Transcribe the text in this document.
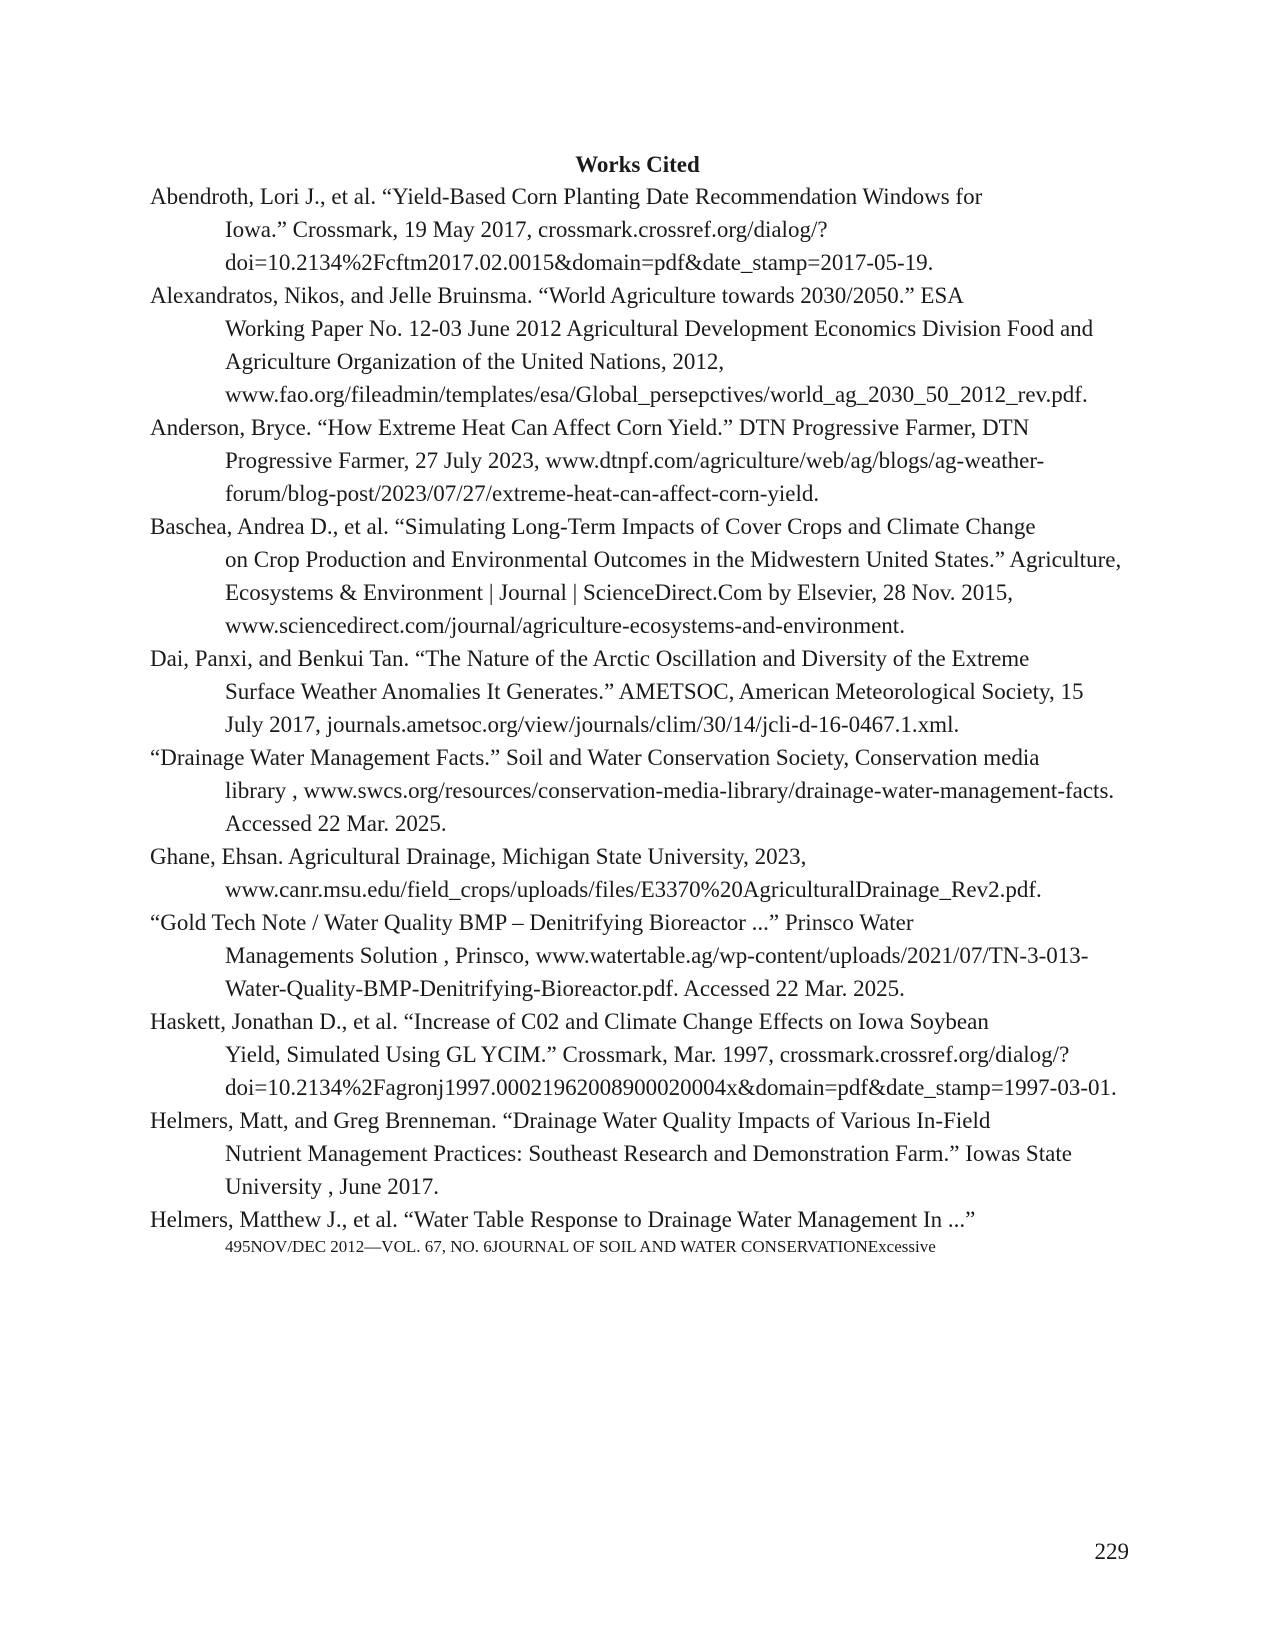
Works Cited

Abendroth, Lori J., et al. “Yield-Based Corn Planting Date Recommendation Windows for
Iowa.” Crossmark, 19 May 2017, crossmark.crossref.org/dialog/?doi=10.2134%2Fcftm2017.02.0015&domain=pdf&date_stamp=2017-05-19.

Alexandratos, Nikos, and Jelle Bruinsma. “World Agriculture towards 2030/2050.” ESA
Working Paper No. 12-03 June 2012 Agricultural Development Economics Division Food and Agriculture Organization of the United Nations, 2012, www.fao.org/fileadmin/templates/esa/Global_persepctives/world_ag_2030_50_2012_rev.pdf.

Anderson, Bryce. “How Extreme Heat Can Affect Corn Yield.” DTN Progressive Farmer, DTN
Progressive Farmer, 27 July 2023, www.dtnpf.com/agriculture/web/ag/blogs/ag-weather-forum/blog-post/2023/07/27/extreme-heat-can-affect-corn-yield.

Baschea, Andrea D., et al. “Simulating Long-Term Impacts of Cover Crops and Climate Change
on Crop Production and Environmental Outcomes in the Midwestern United States.” Agriculture, Ecosystems & Environment | Journal | ScienceDirect.Com by Elsevier, 28 Nov. 2015, www.sciencedirect.com/journal/agriculture-ecosystems-and-environment.

Dai, Panxi, and Benkui Tan. “The Nature of the Arctic Oscillation and Diversity of the Extreme
Surface Weather Anomalies It Generates.” AMETSOC, American Meteorological Society, 15 July 2017, journals.ametsoc.org/view/journals/clim/30/14/jcli-d-16-0467.1.xml.

“Drainage Water Management Facts.” Soil and Water Conservation Society, Conservation media
library , www.swcs.org/resources/conservation-media-library/drainage-water-management-facts. Accessed 22 Mar. 2025.

Ghane, Ehsan. Agricultural Drainage, Michigan State University, 2023,
www.canr.msu.edu/field_crops/uploads/files/E3370%20AgriculturalDrainage_Rev2.pdf.

“Gold Tech Note / Water Quality BMP – Denitrifying Bioreactor ...” Prinsco Water
Managements Solution , Prinsco, www.watertable.ag/wp-content/uploads/2021/07/TN-3-013-Water-Quality-BMP-Denitrifying-Bioreactor.pdf. Accessed 22 Mar. 2025.

Haskett, Jonathan D., et al. “Increase of C02 and Climate Change Effects on Iowa Soybean
Yield, Simulated Using GL YCIM.” Crossmark, Mar. 1997, crossmark.crossref.org/dialog/?doi=10.2134%2Fagronj1997.00021962008900020004x&domain=pdf&date_stamp=1997-03-01.

Helmers, Matt, and Greg Brenneman. “Drainage Water Quality Impacts of Various In-Field
Nutrient Management Practices: Southeast Research and Demonstration Farm.” Iowas State University , June 2017.

Helmers, Matthew J., et al. “Water Table Response to Drainage Water Management In ...”
495NOV/DEC 2012—VOL. 67, NO. 6JOURNAL OF SOIL AND WATER CONSERVATIONExcessive

229
